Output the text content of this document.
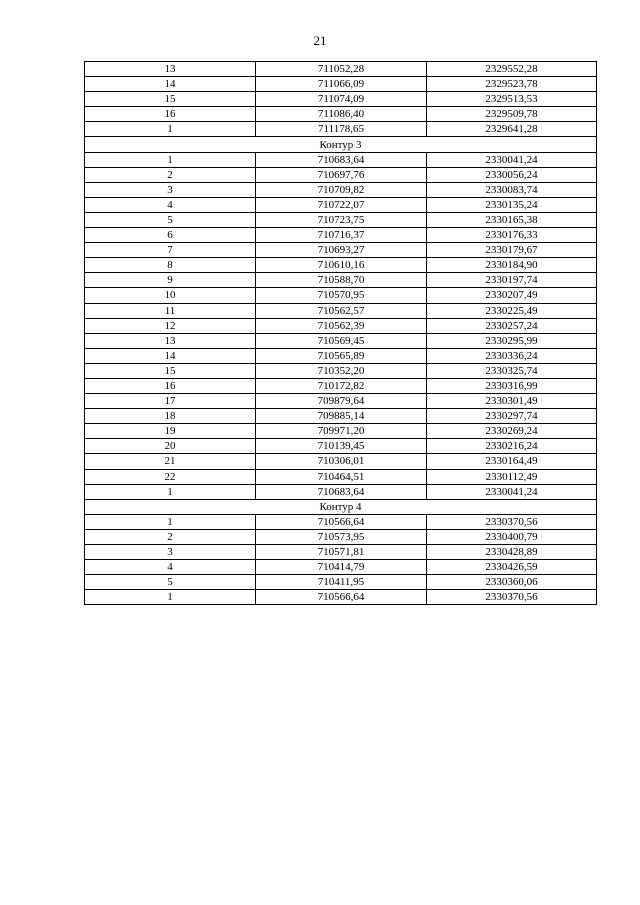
21
13	711052,28	2329552,28
14	711066,09	2329523,78
15	711074,09	2329513,53
16	711086,40	2329509,78
1	711178,65	2329641,28
Контур 3		
1	710683,64	2330041,24
2	710697,76	2330056,24
3	710709,82	2330083,74
4	710722,07	2330135,24
5	710723,75	2330165,38
6	710716,37	2330176,33
7	710693,27	2330179,67
8	710610,16	2330184,90
9	710588,70	2330197,74
10	710570,95	2330207,49
11	710562,57	2330225,49
12	710562,39	2330257,24
13	710569,45	2330295,99
14	710565,89	2330336,24
15	710352,20	2330325,74
16	710172,82	2330316,99
17	709879,64	2330301,49
18	709885,14	2330297,74
19	709971,20	2330269,24
20	710139,45	2330216,24
21	710306,01	2330164,49
22	710464,51	2330112,49
1	710683,64	2330041,24
Контур 4		
1	710566,64	2330370,56
2	710573,95	2330400,79
3	710571,81	2330428,89
4	710414,79	2330426,59
5	710411,95	2330360,06
1	710566,64	2330370,56
